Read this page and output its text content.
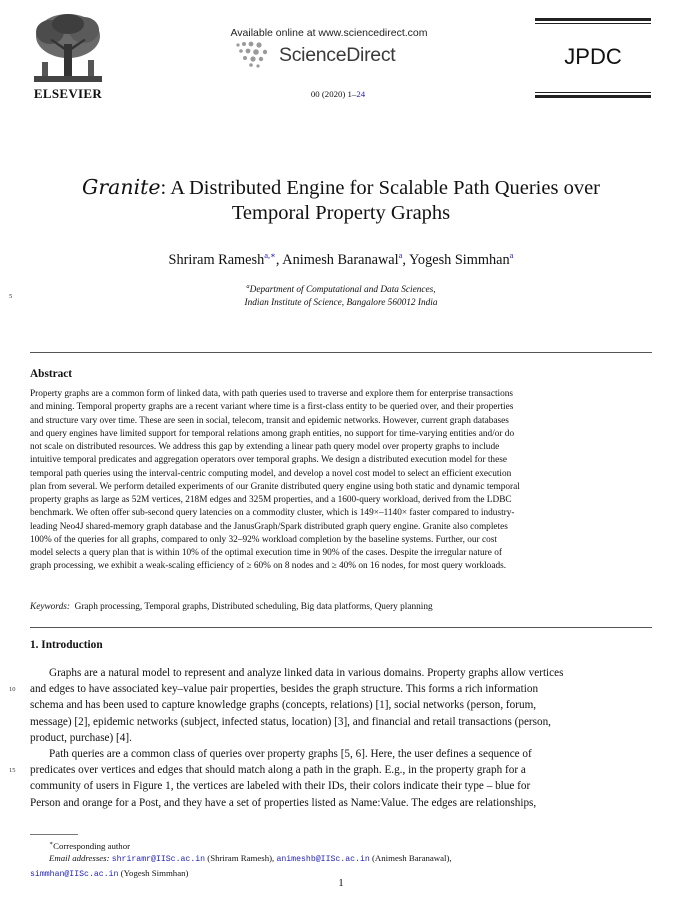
ELSEVIER
Available online at www.sciencedirect.com
ScienceDirect
00 (2020) 1–24
JPDC
Granite: A Distributed Engine for Scalable Path Queries over
Temporal Property Graphs
Shriram Ramesh$^{a,∗}$, Animesh Baranawal$^a$, Yogesh Simmhan$^a$
$^a$Department of Computational and Data Sciences,
Indian Institute of Science, Bangalore 560012 India
5
Abstract
Property graphs are a common form of linked data, with path queries used to traverse and explore them for enterprise transactions
and mining. Temporal property graphs are a recent variant where time is a first-class entity to be queried over, and their properties
and structure vary over time. These are seen in social, telecom, transit and epidemic networks. However, current graph databases
and query engines have limited support for temporal relations among graph entities, no support for time-varying entities and/or do
not scale on distributed resources. We address this gap by extending a linear path query model over property graphs to include
intuitive temporal predicates and aggregation operators over temporal graphs. We design a distributed execution model for these
temporal path queries using the interval-centric computing model, and develop a novel cost model to select an efficient execution
plan from several. We perform detailed experiments of our Granite distributed query engine using both static and dynamic temporal
property graphs as large as 52M vertices, 218M edges and 325M properties, and a 1600-query workload, derived from the LDBC
benchmark. We often offer sub-second query latencies on a commodity cluster, which is 149×–1140× faster compared to industry-
leading Neo4J shared-memory graph database and the JanusGraph/Spark distributed graph query engine. Granite also completes
100% of the queries for all graphs, compared to only 32–92% workload completion by the baseline systems. Further, our cost
model selects a query plan that is within 10% of the optimal execution time in 90% of the cases. Despite the irregular nature of
graph processing, we exhibit a weak-scaling efficiency of ≥ 60% on 8 nodes and ≥ 40% on 16 nodes, for most query workloads.
Keywords: Graph processing, Temporal graphs, Distributed scheduling, Big data platforms, Query planning
1. Introduction
Graphs are a natural model to represent and analyze linked data in various domains. Property graphs allow vertices
and edges to have associated key–value pair properties, besides the graph structure. This forms a rich information
schema and has been used to capture knowledge graphs (concepts, relations) [1], social networks (person, forum,
message) [2], epidemic networks (subject, infected status, location) [3], and financial and retail transactions (person,
product, purchase) [4].
Path queries are a common class of queries over property graphs [5, 6]. Here, the user defines a sequence of
predicates over vertices and edges that should match along a path in the graph. E.g., in the property graph for a
community of users in Figure 1, the vertices are labeled with their IDs, their colors indicate their type – blue for
Person and orange for a Post, and they have a set of properties listed as Name:Value. The edges are relationships,
10
15
∗Corresponding author
Email addresses: shriramr@IISc.ac.in (Shriram Ramesh), animeshb@IISc.ac.in (Animesh Baranawal),
simmhan@IISc.ac.in (Yogesh Simmhan)
1
